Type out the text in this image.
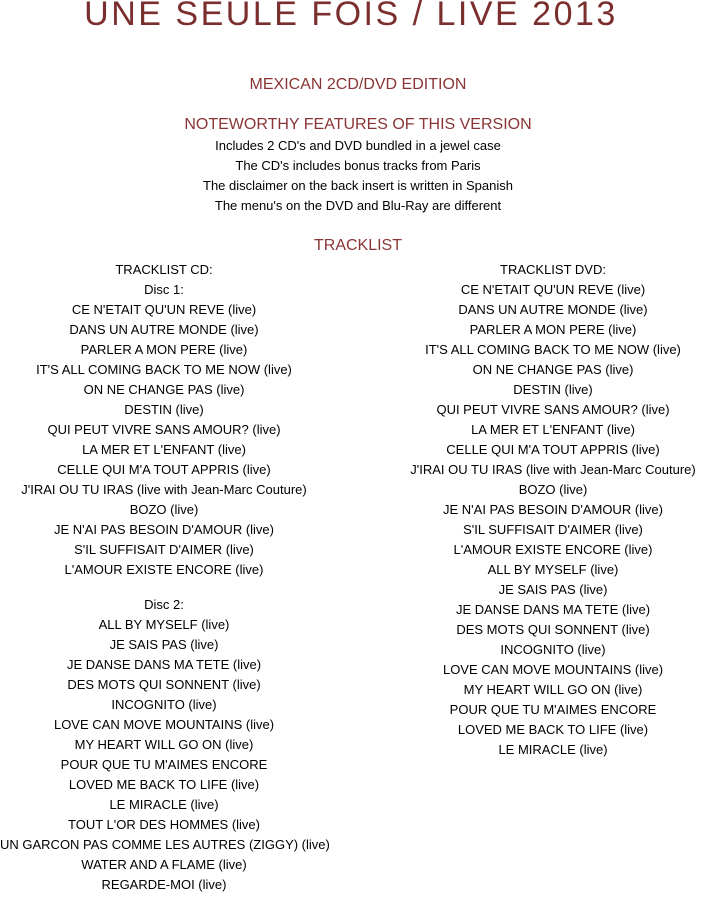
UNE SEULE FOIS / LIVE 2013
MEXICAN 2CD/DVD EDITION
NOTEWORTHY FEATURES OF THIS VERSION
Includes 2 CD's and DVD bundled in a jewel case
The CD's includes bonus tracks from Paris
The disclaimer on the back insert is written in Spanish
The menu's on the DVD and Blu-Ray are different
TRACKLIST
TRACKLIST CD:
Disc 1:
CE N'ETAIT QU'UN REVE (live)
DANS UN AUTRE MONDE (live)
PARLER A MON PERE (live)
IT'S ALL COMING BACK TO ME NOW (live)
ON NE CHANGE PAS (live)
DESTIN (live)
QUI PEUT VIVRE SANS AMOUR? (live)
LA MER ET L'ENFANT (live)
CELLE QUI M'A TOUT APPRIS (live)
J'IRAI OU TU IRAS (live with Jean-Marc Couture)
BOZO (live)
JE N'AI PAS BESOIN D'AMOUR (live)
S'IL SUFFISAIT D'AIMER (live)
L'AMOUR EXISTE ENCORE (live)
Disc 2:
ALL BY MYSELF (live)
JE SAIS PAS (live)
JE DANSE DANS MA TETE (live)
DES MOTS QUI SONNENT (live)
INCOGNITO (live)
LOVE CAN MOVE MOUNTAINS (live)
MY HEART WILL GO ON (live)
POUR QUE TU M'AIMES ENCORE
LOVED ME BACK TO LIFE (live)
LE MIRACLE (live)
TOUT L'OR DES HOMMES (live)
UN GARCON PAS COMME LES AUTRES (ZIGGY) (live)
WATER AND A FLAME (live)
REGARDE-MOI (live)
TRACKLIST DVD:
CE N'ETAIT QU'UN REVE (live)
DANS UN AUTRE MONDE (live)
PARLER A MON PERE (live)
IT'S ALL COMING BACK TO ME NOW (live)
ON NE CHANGE PAS (live)
DESTIN (live)
QUI PEUT VIVRE SANS AMOUR? (live)
LA MER ET L'ENFANT (live)
CELLE QUI M'A TOUT APPRIS (live)
J'IRAI OU TU IRAS (live with Jean-Marc Couture)
BOZO (live)
JE N'AI PAS BESOIN D'AMOUR (live)
S'IL SUFFISAIT D'AIMER (live)
L'AMOUR EXISTE ENCORE (live)
ALL BY MYSELF (live)
JE SAIS PAS (live)
JE DANSE DANS MA TETE (live)
DES MOTS QUI SONNENT (live)
INCOGNITO (live)
LOVE CAN MOVE MOUNTAINS (live)
MY HEART WILL GO ON (live)
POUR QUE TU M'AIMES ENCORE
LOVED ME BACK TO LIFE (live)
LE MIRACLE (live)
